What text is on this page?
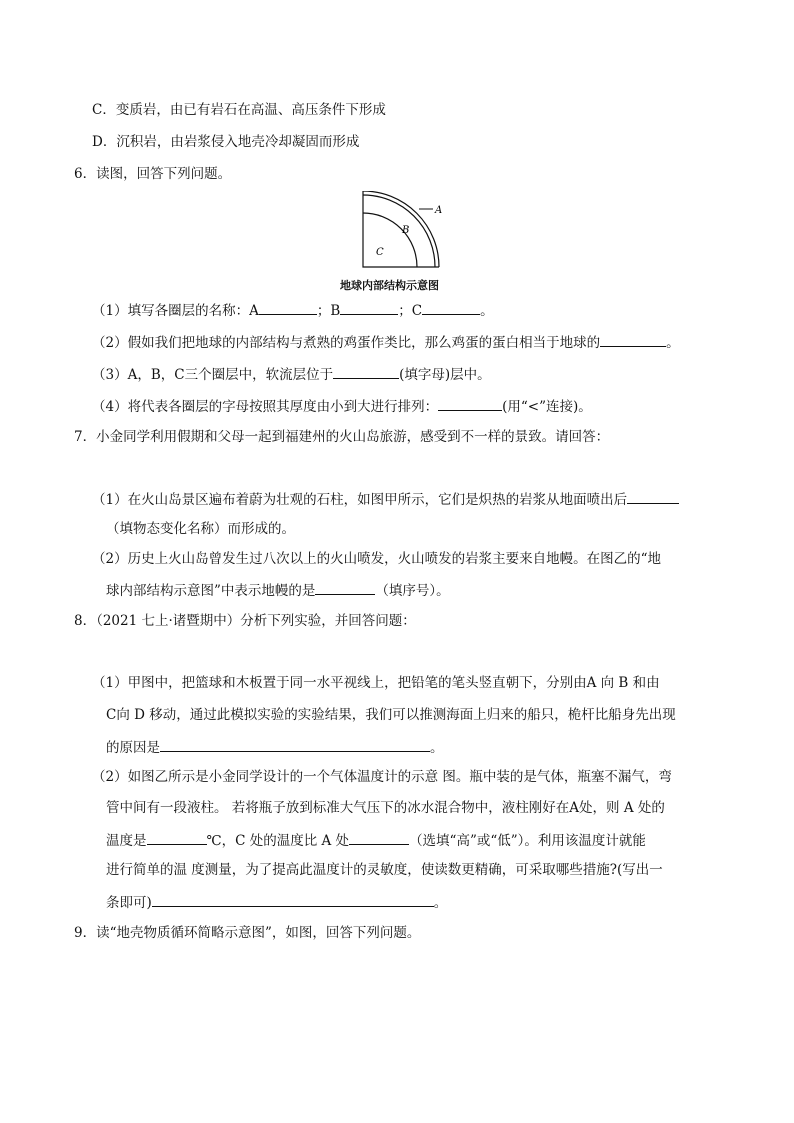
C．变质岩，由已有岩石在高温、高压条件下形成
D．沉积岩，由岩浆侵入地壳冷却凝固而形成
6．读图，回答下列问题。
A
B
C
地球内部结构示意图
（1）填写各圈层的名称：A	；B	；C	。
（2）假如我们把地球的内部结构与煮熟的鸡蛋作类比，那么鸡蛋的蛋白相当于地球的	。
（3）A，B，C三个圈层中，软流层位于	(填字母)层中。
（4）将代表各圈层的字母按照其厚度由小到大进行排列：	(用“<”连接)。
7．小金同学利用假期和父母一起到福建州的火山岛旅游，感受到不一样的景致。请回答：
（1）在火山岛景区遍布着蔚为壮观的石柱，如图甲所示，它们是炽热的岩浆从地面喷出后
（填物态变化名称）而形成的。
（2）历史上火山岛曾发生过八次以上的火山喷发，火山喷发的岩浆主要来自地幔。在图乙的“地
球内部结构示意图”中表示地幔的是	（填序号）。
8．（2021 七上·诸暨期中）分析下列实验，并回答问题：
（1）甲图中，把篮球和木板置于同一水平视线上，把铅笔的笔头竖直朝下，分别由A 向 B 和由
C向 D 移动，通过此模拟实验的实验结果，我们可以推测海面上归来的船只，桅杆比船身先出现
的原因是	。
（2）如图乙所示是小金同学设计的一个气体温度计的示意 图。瓶中装的是气体，瓶塞不漏气，弯
管中间有一段液柱。 若将瓶子放到标准大气压下的冰水混合物中，液柱刚好在A处，则 A 处的
温度是	℃，C 处的温度比 A 处	（选填“高”或“低”）。利用该温度计就能
进行简单的温 度测量，为了提高此温度计的灵敏度，使读数更精确，可采取哪些措施?(写出一
条即可)	。
9．读“地壳物质循环简略示意图”，如图，回答下列问题。
